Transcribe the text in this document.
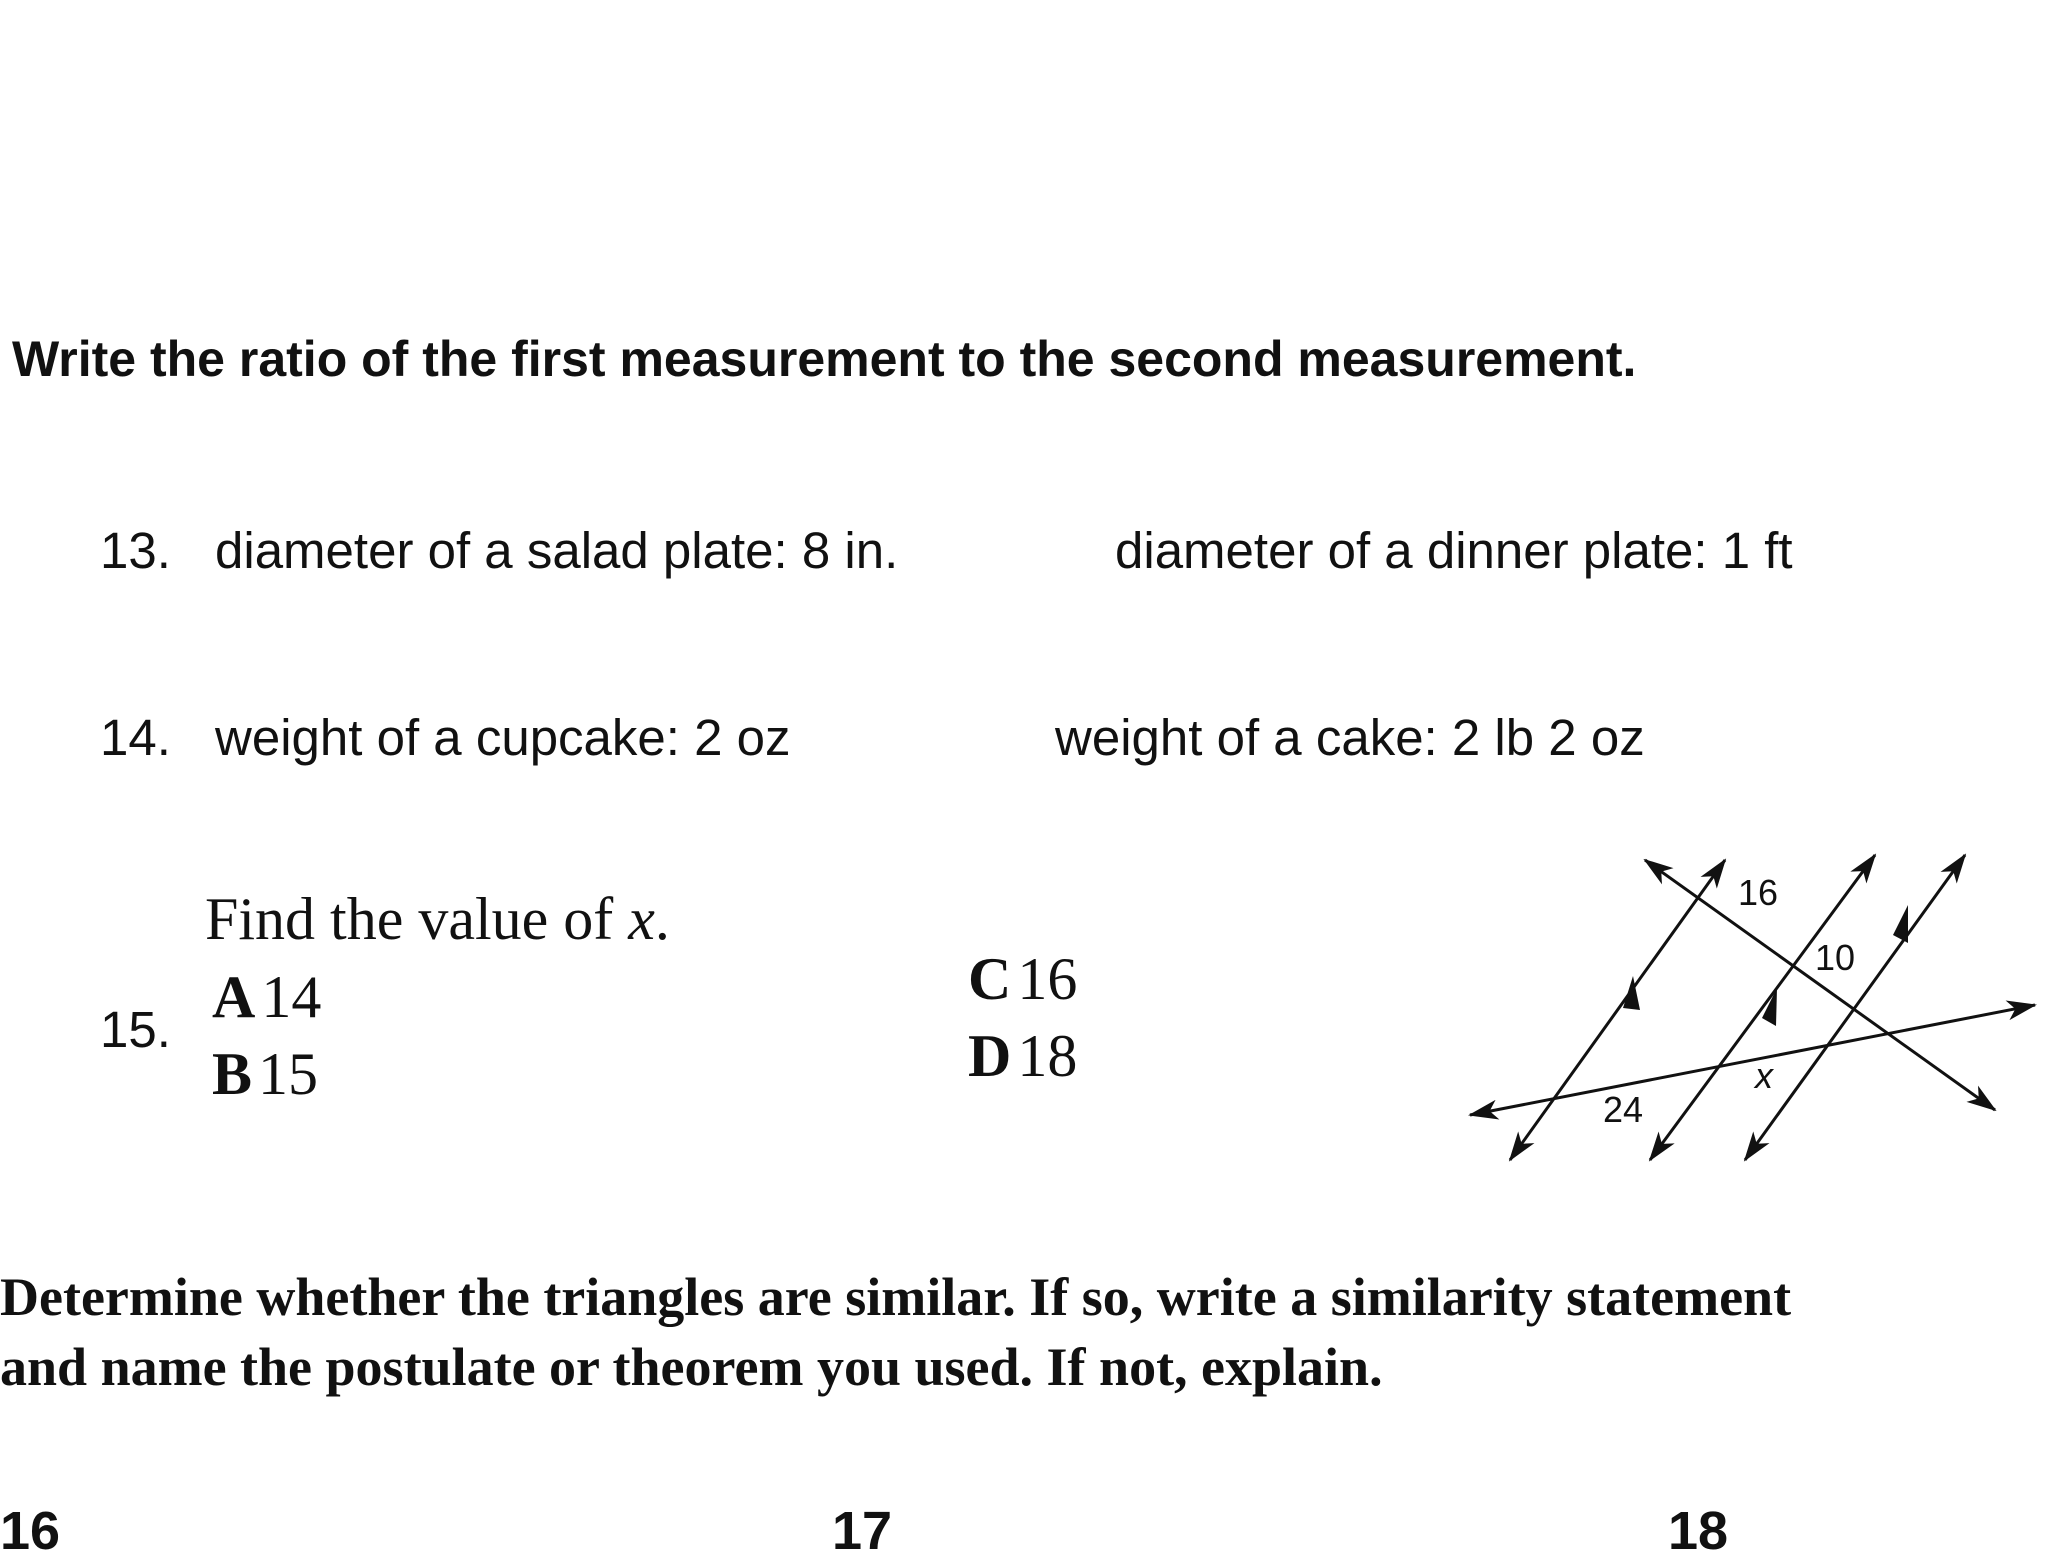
Write the ratio of the first measurement to the second measurement.
13. diameter of a salad plate: 8 in.	diameter of a dinner plate: 1 ft
14. weight of a cupcake: 2 oz	weight of a cake: 2 lb 2 oz
Find the value of x.
15. A 14
B 15
C 16
D 18
16
10
24
x
Determine whether the triangles are similar. If so, write a similarity statement
and name the postulate or theorem you used. If not, explain.
16	17	18
